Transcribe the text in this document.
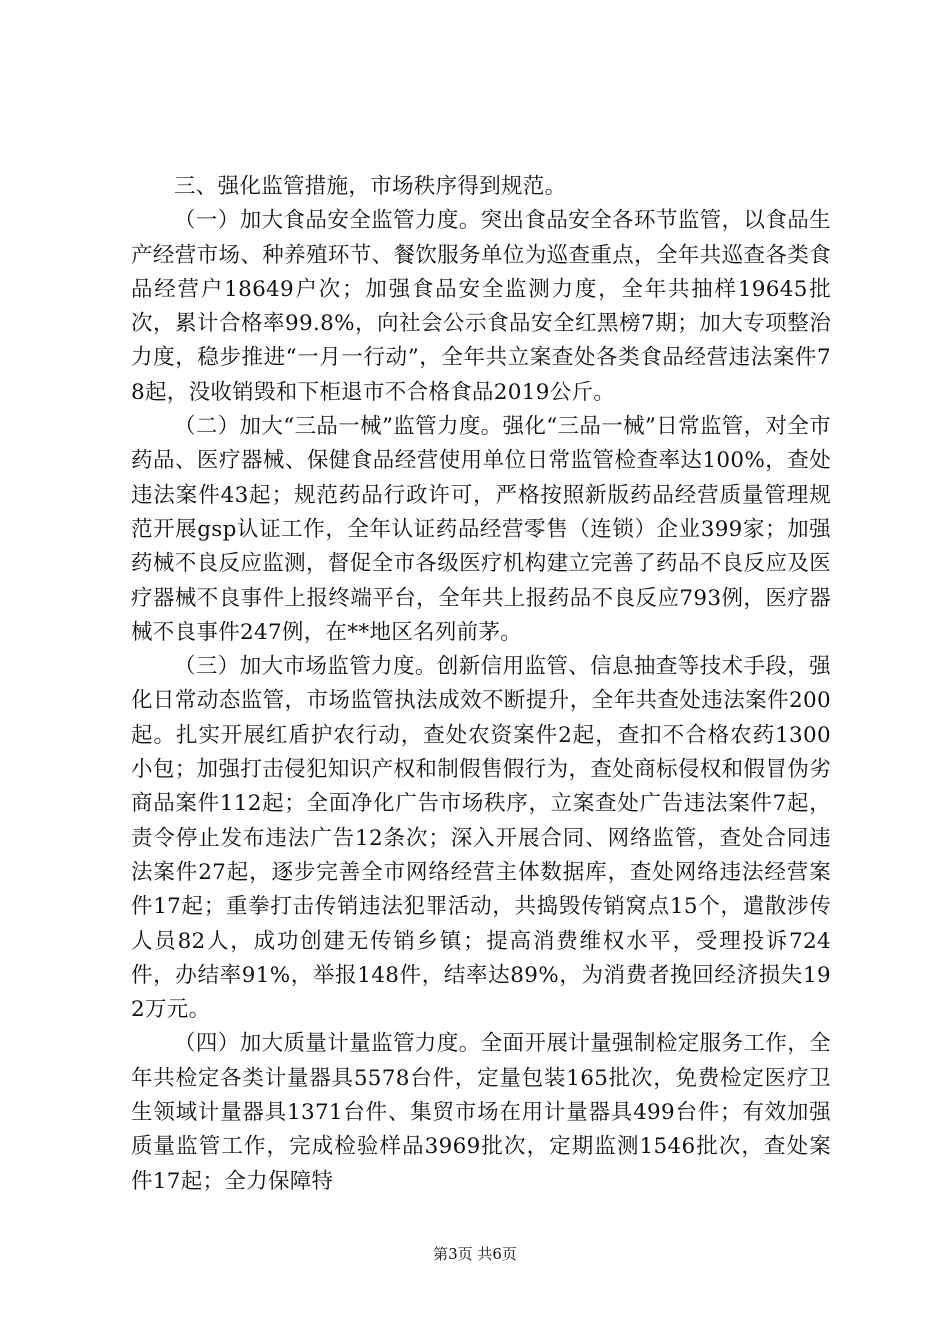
三、强化监管措施，市场秩序得到规范。

（一）加大食品安全监管力度。突出食品安全各环节监管，以食品生产经营市场、种养殖环节、餐饮服务单位为巡查重点，全年共巡查各类食品经营户18649户次；加强食品安全监测力度，全年共抽样19645批次，累计合格率99.8%，向社会公示食品安全红黑榜7期；加大专项整治力度，稳步推进“一月一行动”，全年共立案查处各类食品经营违法案件78起，没收销毁和下柜退市不合格食品2019公斤。

（二）加大“三品一械”监管力度。强化“三品一械”日常监管，对全市药品、医疗器械、保健食品经营使用单位日常监管检查率达100%，查处违法案件43起；规范药品行政许可，严格按照新版药品经营质量管理规范开展gsp认证工作，全年认证药品经营零售（连锁）企业399家；加强药械不良反应监测，督促全市各级医疗机构建立完善了药品不良反应及医疗器械不良事件上报终端平台，全年共上报药品不良反应793例，医疗器械不良事件247例，在**地区名列前茅。

（三）加大市场监管力度。创新信用监管、信息抽查等技术手段，强化日常动态监管，市场监管执法成效不断提升，全年共查处违法案件200起。扎实开展红盾护农行动，查处农资案件2起，查扣不合格农药1300小包；加强打击侵犯知识产权和制假售假行为，查处商标侵权和假冒伪劣商品案件112起；全面净化广告市场秩序，立案查处广告违法案件7起，责令停止发布违法广告12条次；深入开展合同、网络监管，查处合同违法案件27起，逐步完善全市网络经营主体数据库，查处网络违法经营案件17起；重拳打击传销违法犯罪活动，共捣毁传销窝点15个，遣散涉传人员82人，成功创建无传销乡镇；提高消费维权水平，受理投诉724件，办结率91%，举报148件，结率达89%，为消费者挽回经济损失192万元。

（四）加大质量计量监管力度。全面开展计量强制检定服务工作，全年共检定各类计量器具5578台件，定量包装165批次，免费检定医疗卫生领域计量器具1371台件、集贸市场在用计量器具499台件；有效加强质量监管工作，完成检验样品3969批次，定期监测1546批次，查处案件17起；全力保障特

第3页 共6页
